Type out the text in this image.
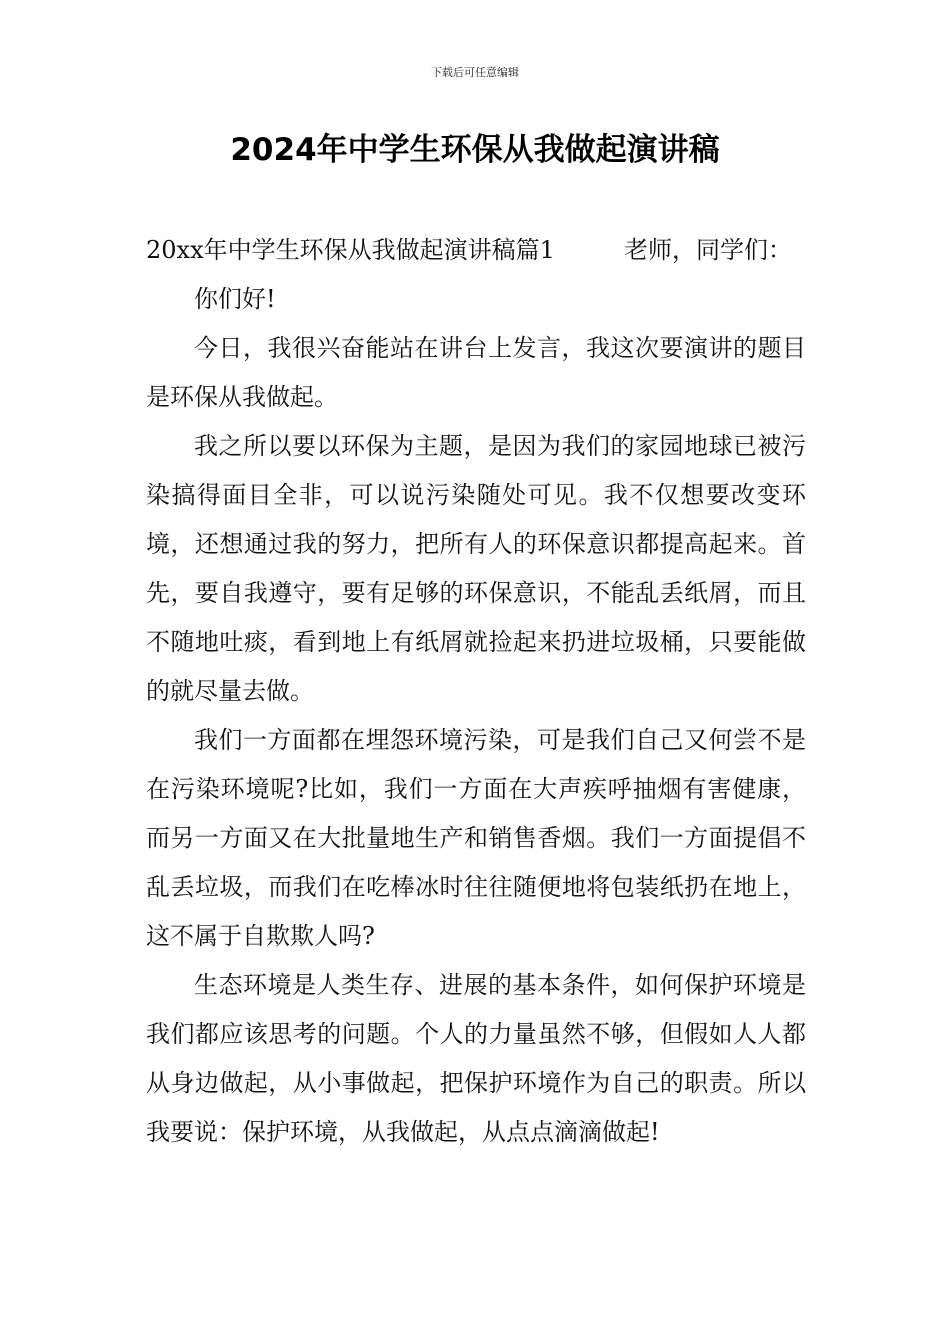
下载后可任意编辑
2024年中学生环保从我做起演讲稿
20xx年中学生环保从我做起演讲稿篇1	老师，同学们：

你们好!

今日，我很兴奋能站在讲台上发言，我这次要演讲的题目是环保从我做起。

我之所以要以环保为主题，是因为我们的家园地球已被污染搞得面目全非，可以说污染随处可见。我不仅想要改变环境，还想通过我的努力，把所有人的环保意识都提高起来。首先，要自我遵守，要有足够的环保意识，不能乱丢纸屑，而且不随地吐痰，看到地上有纸屑就捡起来扔进垃圾桶，只要能做的就尽量去做。

我们一方面都在埋怨环境污染，可是我们自己又何尝不是在污染环境呢?比如，我们一方面在大声疾呼抽烟有害健康，而另一方面又在大批量地生产和销售香烟。我们一方面提倡不乱丢垃圾，而我们在吃棒冰时往往随便地将包装纸扔在地上，这不属于自欺欺人吗?

生态环境是人类生存、进展的基本条件，如何保护环境是我们都应该思考的问题。个人的力量虽然不够，但假如人人都从身边做起，从小事做起，把保护环境作为自己的职责。所以我要说：保护环境，从我做起，从点点滴滴做起!
